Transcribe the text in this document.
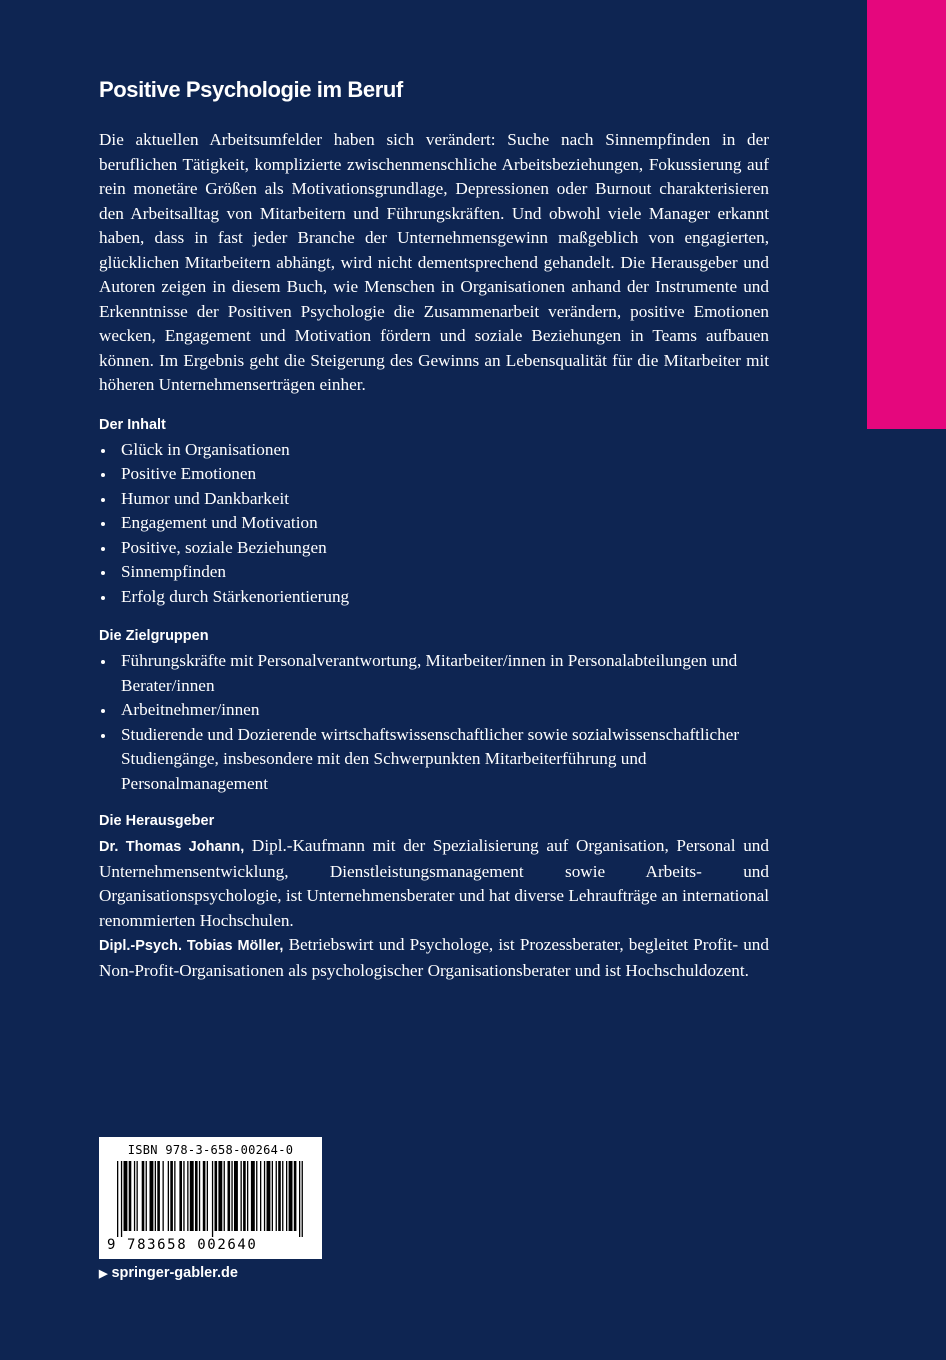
Positive Psychologie im Beruf

Die aktuellen Arbeitsumfelder haben sich verändert: Suche nach Sinnempfinden in der beruflichen Tätigkeit, komplizierte zwischenmenschliche Arbeitsbeziehungen, Fokussierung auf rein monetäre Größen als Motivationsgrundlage, Depressionen oder Burnout charakterisieren den Arbeitsalltag von Mitarbeitern und Führungskräften. Und obwohl viele Manager erkannt haben, dass in fast jeder Branche der Unternehmensgewinn maßgeblich von engagierten, glücklichen Mitarbeitern abhängt, wird nicht dementsprechend gehandelt. Die Herausgeber und Autoren zeigen in diesem Buch, wie Menschen in Organisationen anhand der Instrumente und Erkenntnisse der Positiven Psychologie die Zusammenarbeit verändern, positive Emotionen wecken, Engagement und Motivation fördern und soziale Beziehungen in Teams aufbauen können. Im Ergebnis geht die Steigerung des Gewinns an Lebensqualität für die Mitarbeiter mit höheren Unternehmenserträgen einher.

Der Inhalt
Glück in Organisationen
Positive Emotionen
Humor und Dankbarkeit
Engagement und Motivation
Positive, soziale Beziehungen
Sinnempfinden
Erfolg durch Stärkenorientierung
Die Zielgruppen
Führungskräfte mit Personalverantwortung, Mitarbeiter/innen in Personalabteilungen und Berater/innen
Arbeitnehmer/innen
Studierende und Dozierende wirtschaftswissenschaftlicher sowie sozialwissenschaftlicher Studiengänge, insbesondere mit den Schwerpunkten Mitarbeiterführung und Personalmanagement
Die Herausgeber

Dr. Thomas Johann, Dipl.-Kaufmann mit der Spezialisierung auf Organisation, Personal und Unternehmensentwicklung, Dienstleistungsmanagement sowie Arbeits- und Organisationspsychologie, ist Unternehmensberater und hat diverse Lehraufträge an international renommierten Hochschulen.

Dipl.-Psych. Tobias Möller, Betriebswirt und Psychologe, ist Prozessberater, begleitet Profit- und Non-Profit-Organisationen als psychologischer Organisationsberater und ist Hochschuldozent.

ISBN 978-3-658-00264-0
9 783658 002640
▶ springer-gabler.de
